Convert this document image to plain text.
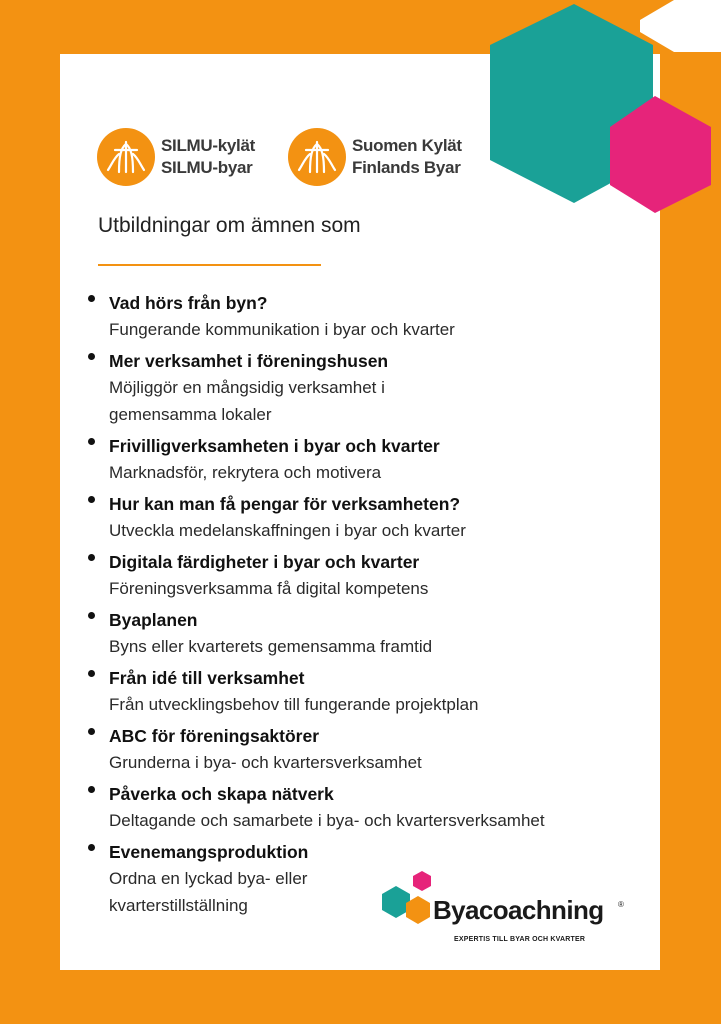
SILMU-kylät
SILMU-byar
Suomen Kylät
Finlands Byar
Utbildningar om ämnen som
Vad hörs från byn?
Fungerande kommunikation i byar och kvarter
Mer verksamhet i föreningshusen
Möjliggör en mångsidig verksamhet i gemensamma lokaler
Frivilligverksamheten i byar och kvarter
Marknadsför, rekrytera och motivera
Hur kan man få pengar för verksamheten?
Utveckla medelanskaffningen i byar och kvarter
Digitala färdigheter i byar och kvarter
Föreningsverksamma få digital kompetens
Byaplanen
Byns eller kvarterets gemensamma framtid
Från idé till verksamhet
Från utvecklingsbehov till fungerande projektplan
ABC för föreningsaktörer
Grunderna i bya- och kvartersverksamhet
Påverka och skapa nätverk
Deltagande och samarbete i bya- och kvartersverksamhet
Evenemangsproduktion
Ordna en lyckad bya- eller kvarterstillställning	Byacoachning ®
EXPERTIS TILL BYAR OCH KVARTER
